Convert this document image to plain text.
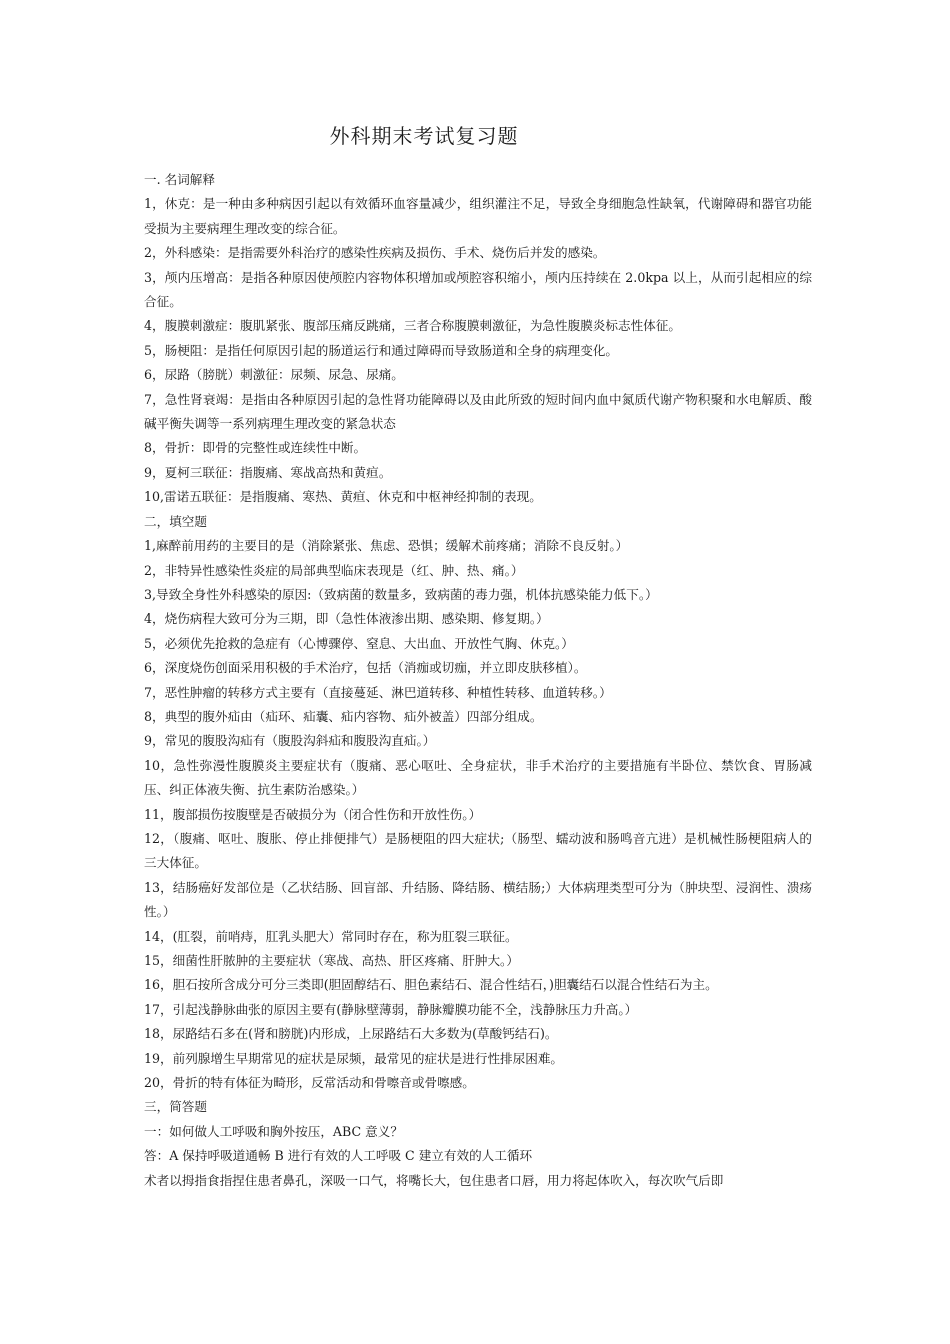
外科期末考试复习题

一. 名词解释

1，休克：是一种由多种病因引起以有效循环血容量减少，组织灌注不足，导致全身细胞急性缺氧，代谢障碍和器官功能受损为主要病理生理改变的综合征。

2，外科感染：是指需要外科治疗的感染性疾病及损伤、手术、烧伤后并发的感染。

3，颅内压增高：是指各种原因使颅腔内容物体积增加或颅腔容积缩小，颅内压持续在 2.0kpa 以上，从而引起相应的综合征。

4，腹膜刺激症：腹肌紧张、腹部压痛反跳痛，三者合称腹膜刺激征，为急性腹膜炎标志性体征。

5，肠梗阻：是指任何原因引起的肠道运行和通过障碍而导致肠道和全身的病理变化。

6，尿路（膀胱）刺激征：尿频、尿急、尿痛。

7，急性肾衰竭：是指由各种原因引起的急性肾功能障碍以及由此所致的短时间内血中氮质代谢产物积聚和水电解质、酸碱平衡失调等一系列病理生理改变的紧急状态

8，骨折：即骨的完整性或连续性中断。

9，夏柯三联征：指腹痛、寒战高热和黄疸。

10,雷诺五联征：是指腹痛、寒热、黄疸、休克和中枢神经抑制的表现。

二，填空题

1,麻醉前用药的主要目的是（消除紧张、焦虑、恐惧；缓解术前疼痛；消除不良反射。）

2，非特异性感染性炎症的局部典型临床表现是（红、肿、热、痛。）

3,导致全身性外科感染的原因:（致病菌的数量多，致病菌的毒力强，机体抗感染能力低下。）

4，烧伤病程大致可分为三期，即（急性体液渗出期、感染期、修复期。）

5，必须优先抢救的急症有（心博骤停、窒息、大出血、开放性气胸、休克。）

6，深度烧伤创面采用积极的手术治疗，包括（消痂或切痂，并立即皮肤移植）。

7，恶性肿瘤的转移方式主要有（直接蔓延、淋巴道转移、种植性转移、血道转移。）

8，典型的腹外疝由（疝环、疝囊、疝内容物、疝外被盖）四部分组成。

9，常见的腹股沟疝有（腹股沟斜疝和腹股沟直疝。）

10，急性弥漫性腹膜炎主要症状有（腹痛、恶心呕吐、全身症状，非手术治疗的主要措施有半卧位、禁饮食、胃肠减压、纠正体液失衡、抗生素防治感染。）

11，腹部损伤按腹壁是否破损分为（闭合性伤和开放性伤。）

12，（腹痛、呕吐、腹胀、停止排便排气）是肠梗阻的四大症状;（肠型、蠕动波和肠鸣音亢进）是机械性肠梗阻病人的三大体征。

13，结肠癌好发部位是（乙状结肠、回盲部、升结肠、降结肠、横结肠;）大体病理类型可分为（肿块型、浸润性、溃疡性。）

14，(肛裂，前哨痔，肛乳头肥大）常同时存在，称为肛裂三联征。

15，细菌性肝脓肿的主要症状（寒战、高热、肝区疼痛、肝肿大。）

16，胆石按所含成分可分三类即(胆固醇结石、胆色素结石、混合性结石，)胆囊结石以混合性结石为主。

17，引起浅静脉曲张的原因主要有(静脉壁薄弱，静脉瓣膜功能不全，浅静脉压力升高。）

18，尿路结石多在(肾和膀胱)内形成，上尿路结石大多数为(草酸钙结石)。

19，前列腺增生早期常见的症状是尿频，最常见的症状是进行性排尿困难。

20，骨折的特有体征为畸形，反常活动和骨嚓音或骨嚓感。

三，简答题

一：如何做人工呼吸和胸外按压，ABC 意义？

答：A 保持呼吸道通畅 B 进行有效的人工呼吸 C 建立有效的人工循环

术者以拇指食指捏住患者鼻孔，深吸一口气，将嘴长大，包住患者口唇，用力将起体吹入，每次吹气后即
